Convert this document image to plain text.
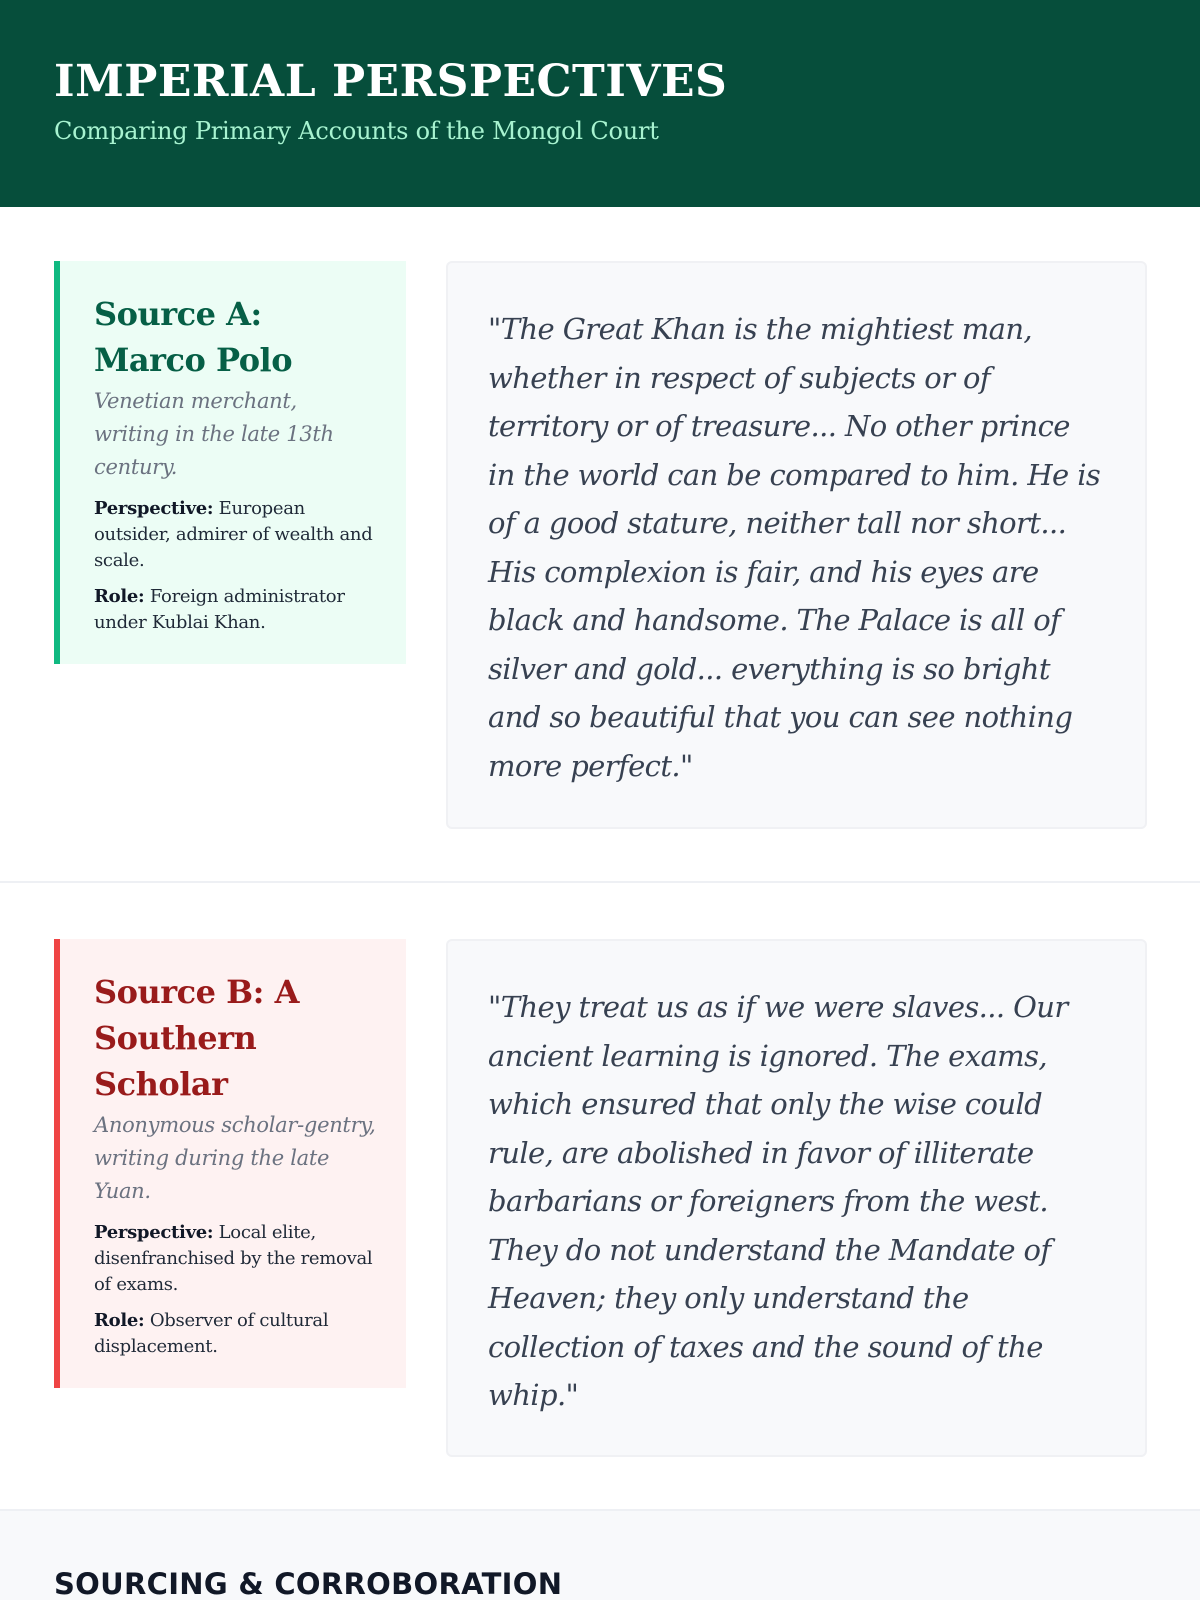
IMPERIAL PERSPECTIVES

Comparing Primary Accounts of the Mongol Court

Source A: Marco Polo

Venetian merchant, writing in the late 13th century.

Perspective: European outsider, admirer of wealth and scale.

Role: Foreign administrator under Kublai Khan.

"The Great Khan is the mightiest man, whether in respect of subjects or of territory or of treasure... No other prince in the world can be compared to him. He is of a good stature, neither tall nor short... His complexion is fair, and his eyes are black and handsome. The Palace is all of silver and gold... everything is so bright and so beautiful that you can see nothing more perfect."

Source B: A Southern Scholar

Anonymous scholar-gentry, writing during the late Yuan.

Perspective: Local elite, disenfranchised by the removal of exams.

Role: Observer of cultural displacement.

"They treat us as if we were slaves... Our ancient learning is ignored. The exams, which ensured that only the wise could rule, are abolished in favor of illiterate barbarians or foreigners from the west. They do not understand the Mandate of Heaven; they only understand the collection of taxes and the sound of the whip."

SOURCING & CORROBORATION
